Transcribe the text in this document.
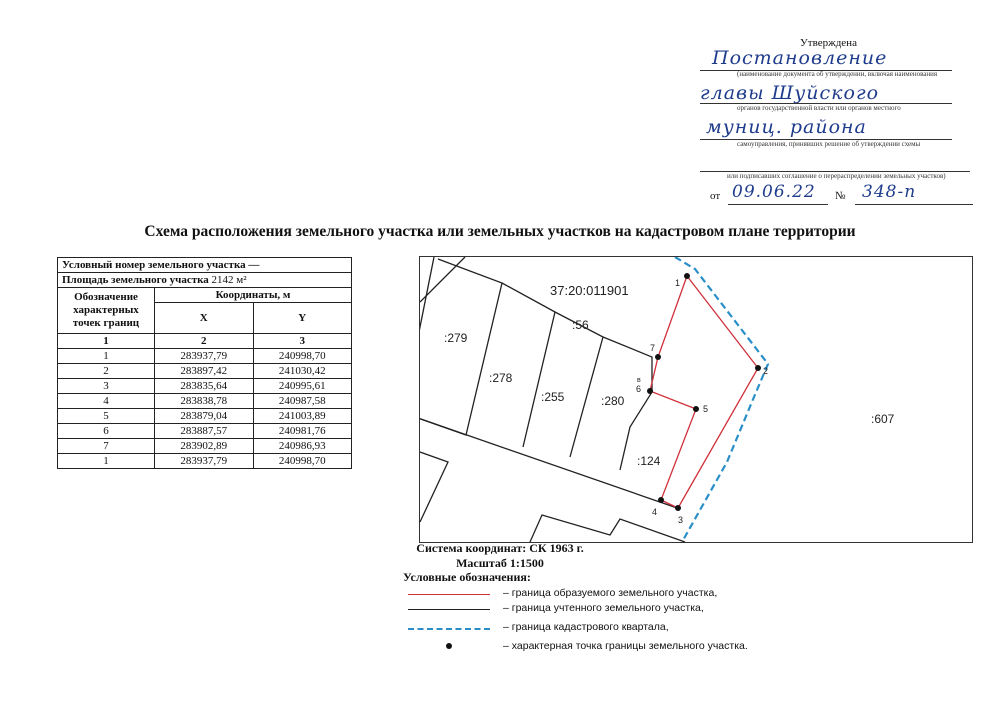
Утверждена
Постановление
(наименование документа об утверждении, включая наименования
главы Шуйского
органов государственной власти или органов местного
муниц. района
самоуправления, принявших решение об утверждении схемы
или подписавших соглашение о перераспределении земельных участков)
от 09.06.22 № 348-п
Схема расположения земельного участка или земельных участков на кадастровом плане территории
Условный номер земельного участка —		
Площадь земельного участка 2142 м²		
Обозначение характерных точек границ	Координаты, м	
	X	Y
1	2	3
1	283937,79	240998,70
2	283897,42	241030,42
3	283835,64	240995,61
4	283838,78	240987,58
5	283879,04	241003,89
6	283887,57	240981,76
7	283902,89	240986,93
1	283937,79	240998,70
1
2
3
4
5
6
в
7
37:20:011901
:279
:56
:278
:255	:280
:124
:607
Система координат: СК 1963 г.
Масштаб 1:1500
Условные обозначения:
– граница образуемого земельного участка,
– граница учтенного земельного участка,
– граница кадастрового квартала,
– характерная точка границы земельного участка.
